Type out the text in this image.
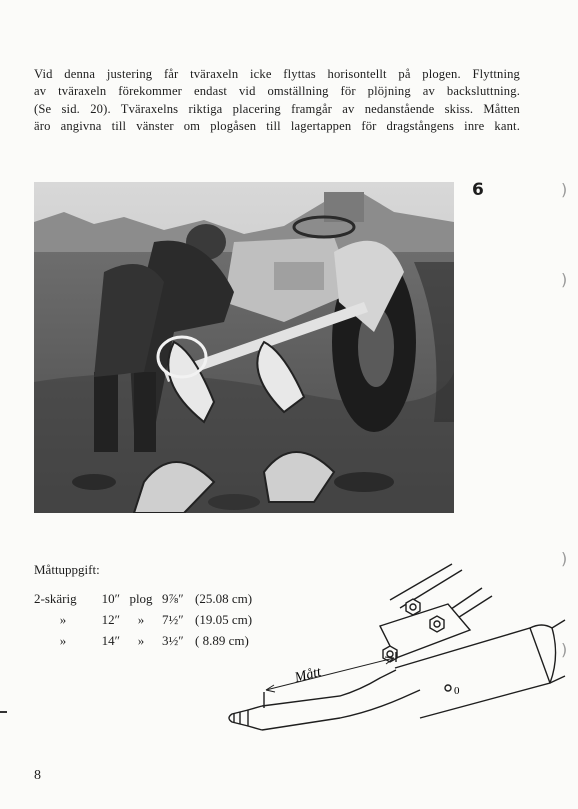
Vid denna justering får tväraxeln icke flyttas horisontellt på plogen. Flyttning
av tväraxeln förekommer endast vid omställning för plöjning av backsluttning.
(Se sid. 20). Tväraxelns riktiga placering framgår av nedanstående skiss. Måtten
äro angivna till vänster om plogåsen till lagertappen för dragstångens inre kant.
6	)
)
)
)
Måttuppgift:
2-skärig	10″ plog 9⅞″ (25.08 cm)
»	12″	»	7½″ (19.05 cm)
»	14″	»	3½″ ( 8.89 cm)
Mått
0
8
